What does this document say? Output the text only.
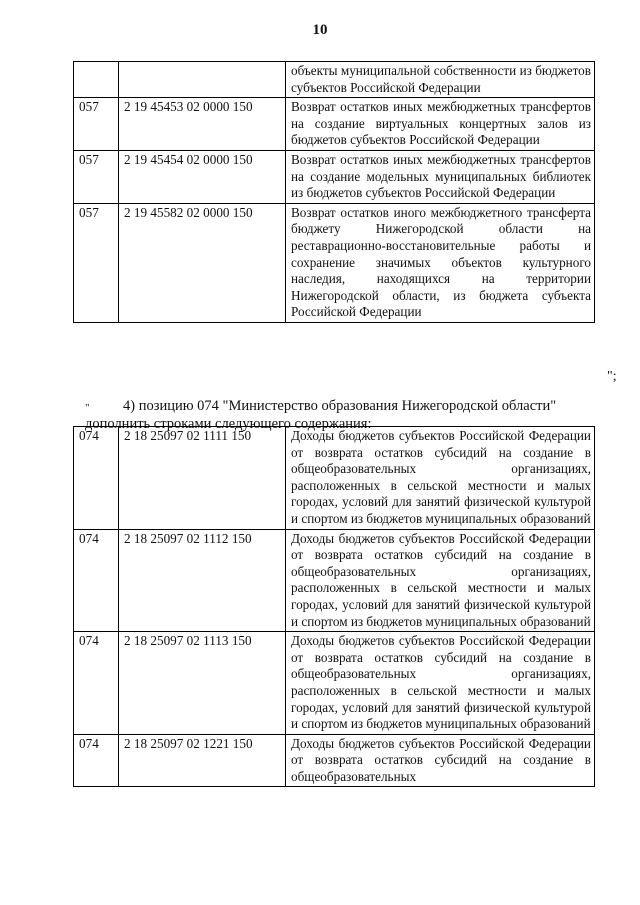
10
		объекты муниципальной собственности из бюджетов субъектов Российской Федерации
057	2 19 45453 02 0000 150	Возврат остатков иных межбюджетных трансфертов на создание виртуальных концертных залов из бюджетов субъектов Российской Федерации
057	2 19 45454 02 0000 150	Возврат остатков иных межбюджетных трансфертов на создание модельных муниципальных библиотек из бюджетов субъектов Российской Федерации
057	2 19 45582 02 0000 150	Возврат остатков иного межбюджетного трансферта бюджету Нижегородской области на реставрационно-восстановительные работы и сохранение значимых объектов культурного наследия, находящихся на территории Нижегородской области, из бюджета субъекта Российской Федерации
";
4) позицию 074 "Министерство образования Нижегородской области"
дополнить строками следующего содержания:
"
074	2 18 25097 02 1111 150	Доходы бюджетов субъектов Российской Федерации от возврата остатков субсидий на создание в общеобразовательных организациях, расположенных в сельской местности и малых городах, условий для занятий физической культурой и спортом из бюджетов муниципальных образований
074	2 18 25097 02 1112 150	Доходы бюджетов субъектов Российской Федерации от возврата остатков субсидий на создание в общеобразовательных организациях, расположенных в сельской местности и малых городах, условий для занятий физической культурой и спортом из бюджетов муниципальных образований
074	2 18 25097 02 1113 150	Доходы бюджетов субъектов Российской Федерации от возврата остатков субсидий на создание в общеобразовательных организациях, расположенных в сельской местности и малых городах, условий для занятий физической культурой и спортом из бюджетов муниципальных образований
074	2 18 25097 02 1221 150	Доходы бюджетов субъектов Российской Федерации от возврата остатков субсидий на создание в общеобразовательных
